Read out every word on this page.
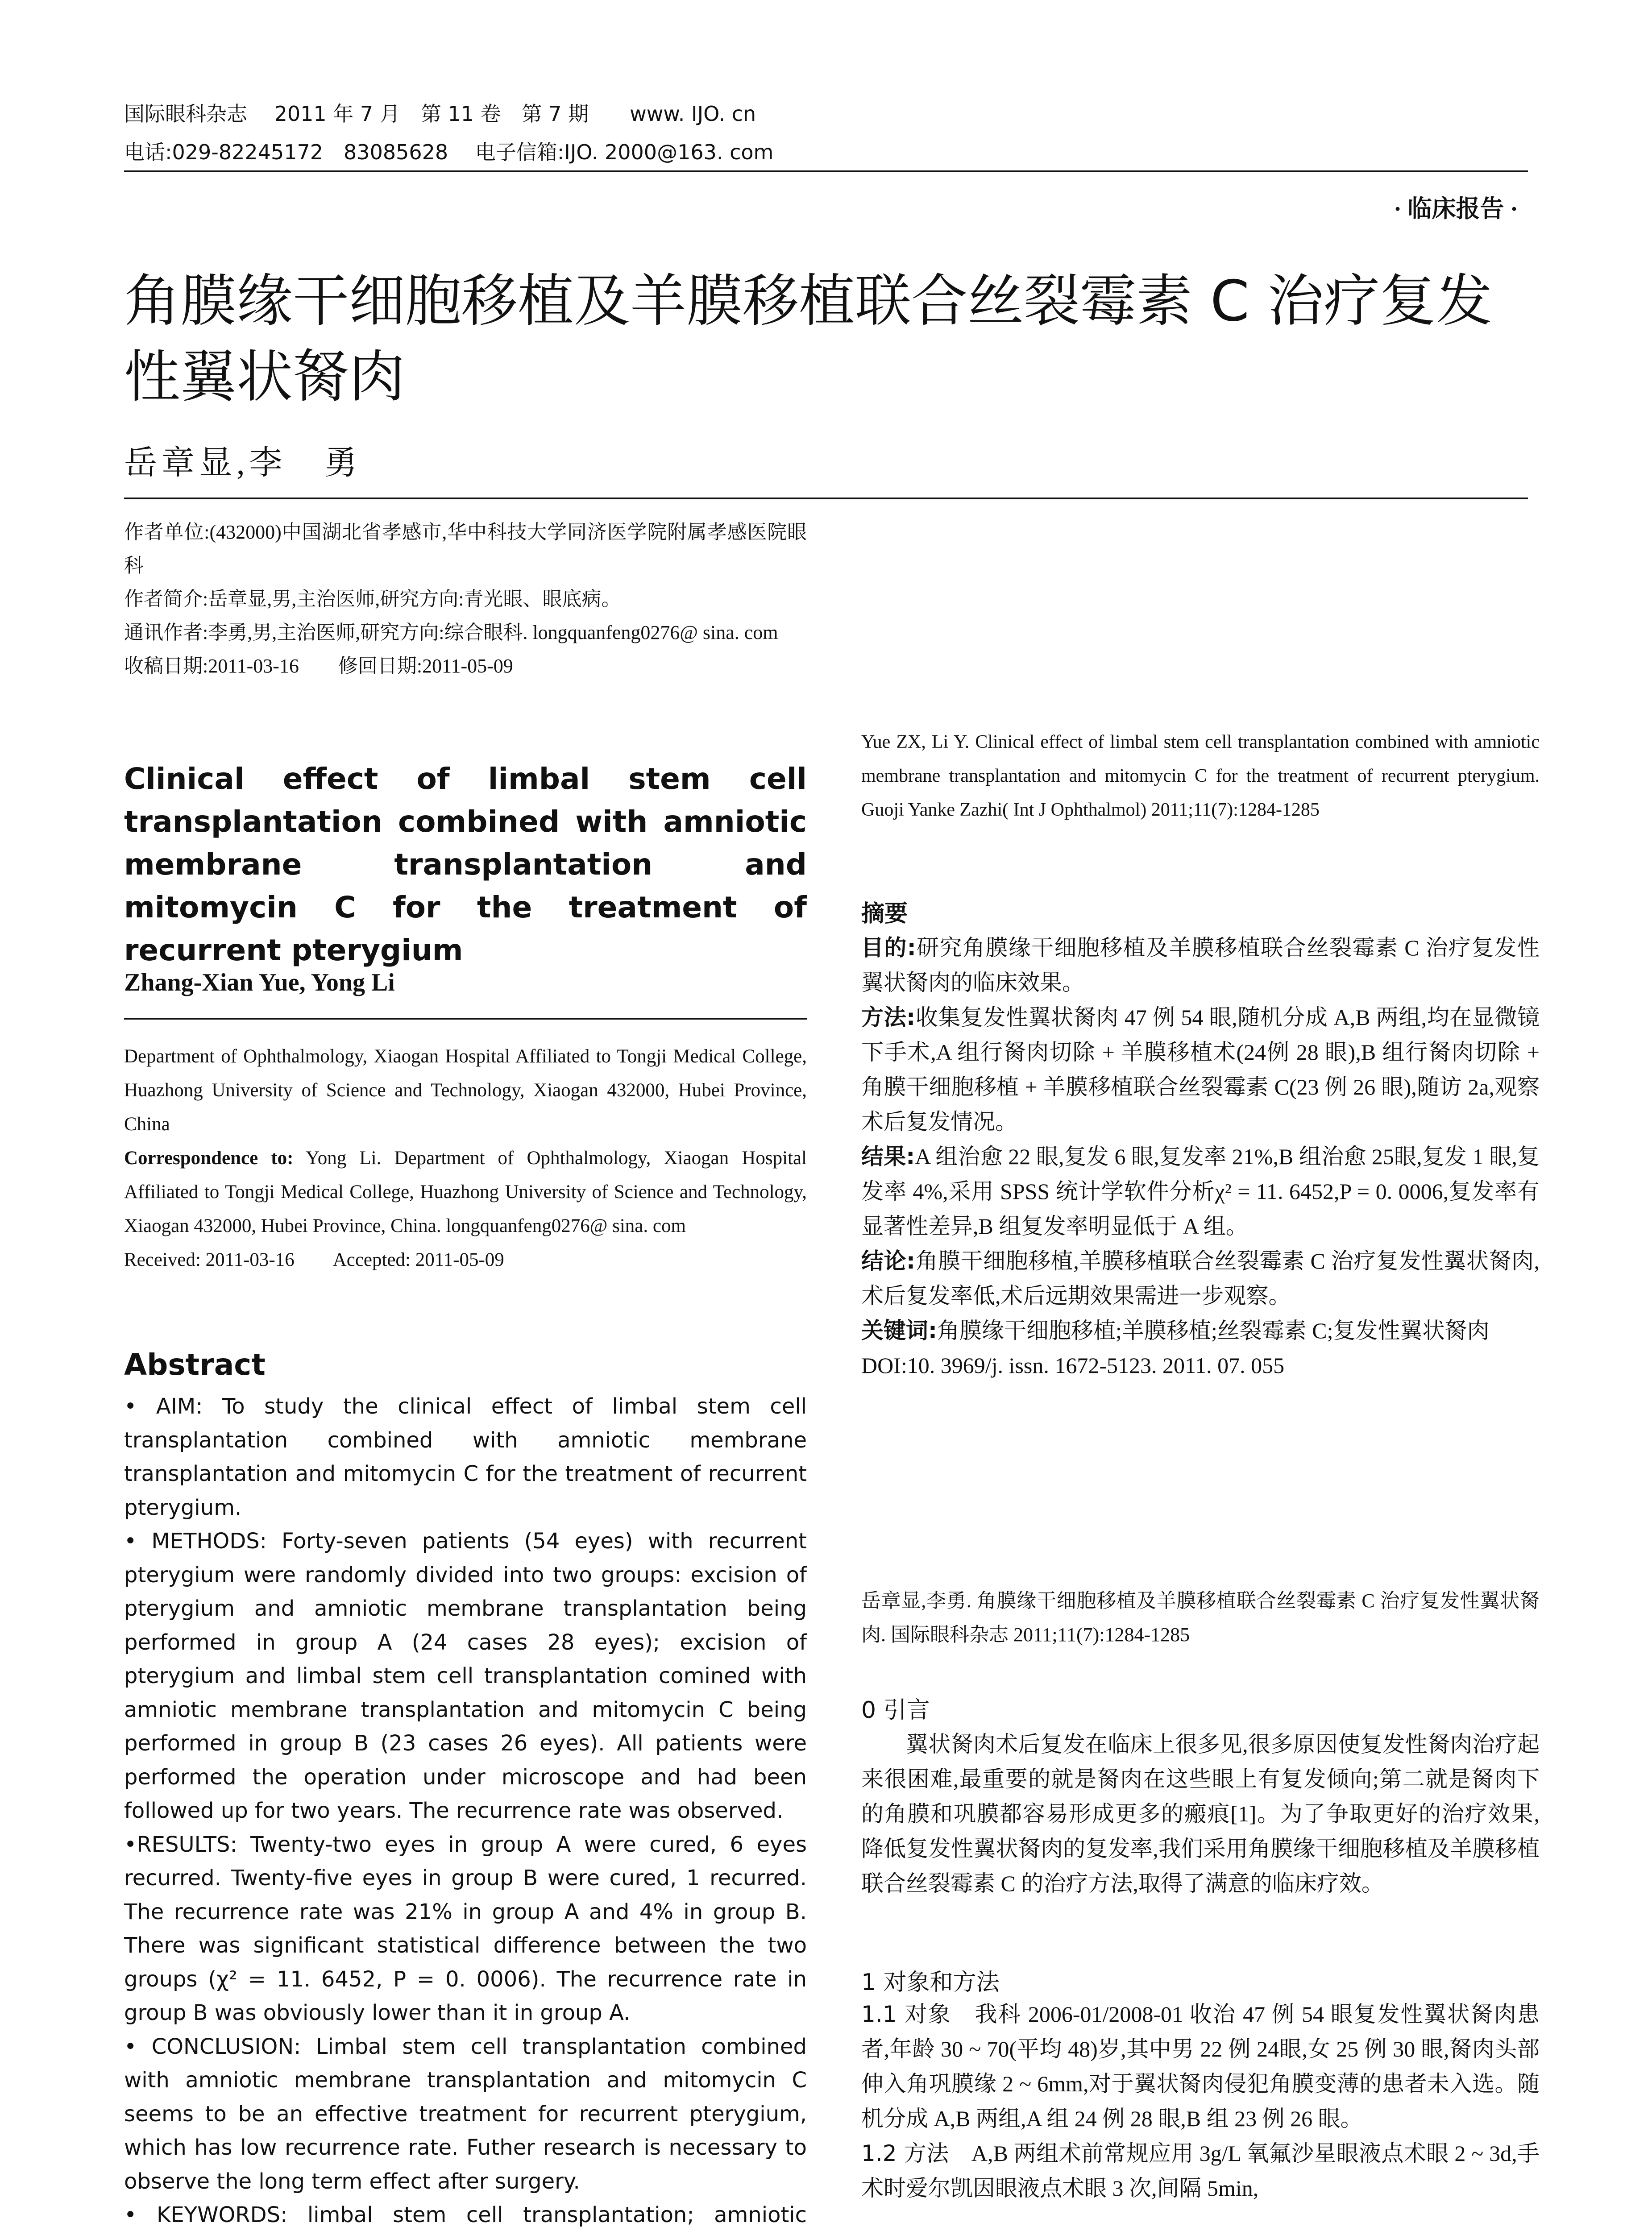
国际眼科杂志　 2011 年 7 月　第 11 卷　第 7 期　　www. IJO. cn
电话:029-82245172　83085628　 电子信箱:IJO. 2000@163. com
· 临床报告 ·
角膜缘干细胞移植及羊膜移植联合丝裂霉素 C 治疗复发性翼状胬肉
岳章显,李　勇

作者单位:(432000)中国湖北省孝感市,华中科技大学同济医学院附属孝感医院眼科

作者简介:岳章显,男,主治医师,研究方向:青光眼、眼底病。

通讯作者:李勇,男,主治医师,研究方向:综合眼科. longquanfeng0276@ sina. com

收稿日期:2011-03-16　　修回日期:2011-05-09

Clinical effect of limbal stem cell transplantation combined with amniotic membrane transplantation and mitomycin C for the treatment of recurrent pterygium
Zhang-Xian Yue, Yong Li

Department of Ophthalmology, Xiaogan Hospital Affiliated to Tongji Medical College, Huazhong University of Science and Technology, Xiaogan 432000, Hubei Province, China

Correspondence to: Yong Li. Department of Ophthalmology, Xiaogan Hospital Affiliated to Tongji Medical College, Huazhong University of Science and Technology, Xiaogan 432000, Hubei Province, China. longquanfeng0276@ sina. com

Received: 2011-03-16　　Accepted: 2011-05-09

Abstract

• AIM: To study the clinical effect of limbal stem cell transplantation combined with amniotic membrane transplantation and mitomycin C for the treatment of recurrent pterygium.

• METHODS: Forty-seven patients (54 eyes) with recurrent pterygium were randomly divided into two groups: excision of pterygium and amniotic membrane transplantation being performed in group A (24 cases 28 eyes); excision of pterygium and limbal stem cell transplantation comined with amniotic membrane transplantation and mitomycin C being performed in group B (23 cases 26 eyes). All patients were performed the operation under microscope and had been followed up for two years. The recurrence rate was observed.

•RESULTS: Twenty-two eyes in group A were cured, 6 eyes recurred. Twenty-five eyes in group B were cured, 1 recurred. The recurrence rate was 21% in group A and 4% in group B. There was significant statistical difference between the two groups (χ² = 11. 6452, P = 0. 0006). The recurrence rate in group B was obviously lower than it in group A.

• CONCLUSION: Limbal stem cell transplantation combined with amniotic membrane transplantation and mitomycin C seems to be an effective treatment for recurrent pterygium, which has low recurrence rate. Futher research is necessary to observe the long term effect after surgery.

• KEYWORDS: limbal stem cell transplantation; amniotic

Yue ZX, Li Y. Clinical effect of limbal stem cell transplantation combined with amniotic membrane transplantation and mitomycin C for the treatment of recurrent pterygium. Guoji Yanke Zazhi( Int J Ophthalmol) 2011;11(7):1284-1285
摘要

目的:研究角膜缘干细胞移植及羊膜移植联合丝裂霉素 C 治疗复发性翼状胬肉的临床效果。

方法:收集复发性翼状胬肉 47 例 54 眼,随机分成 A,B 两组,均在显微镜下手术,A 组行胬肉切除 + 羊膜移植术(24例 28 眼),B 组行胬肉切除 + 角膜干细胞移植 + 羊膜移植联合丝裂霉素 C(23 例 26 眼),随访 2a,观察术后复发情况。

结果:A 组治愈 22 眼,复发 6 眼,复发率 21%,B 组治愈 25眼,复发 1 眼,复发率 4%,采用 SPSS 统计学软件分析χ² = 11. 6452,P = 0. 0006,复发率有显著性差异,B 组复发率明显低于 A 组。

结论:角膜干细胞移植,羊膜移植联合丝裂霉素 C 治疗复发性翼状胬肉,术后复发率低,术后远期效果需进一步观察。

关键词:角膜缘干细胞移植;羊膜移植;丝裂霉素 C;复发性翼状胬肉

DOI:10. 3969/j. issn. 1672-5123. 2011. 07. 055

岳章显,李勇. 角膜缘干细胞移植及羊膜移植联合丝裂霉素 C 治疗复发性翼状胬肉. 国际眼科杂志 2011;11(7):1284-1285
0 引言
翼状胬肉术后复发在临床上很多见,很多原因使复发性胬肉治疗起来很困难,最重要的就是胬肉在这些眼上有复发倾向;第二就是胬肉下的角膜和巩膜都容易形成更多的瘢痕[1]。为了争取更好的治疗效果,降低复发性翼状胬肉的复发率,我们采用角膜缘干细胞移植及羊膜移植联合丝裂霉素 C 的治疗方法,取得了满意的临床疗效。
1 对象和方法

1.1 对象　我科 2006-01/2008-01 收治 47 例 54 眼复发性翼状胬肉患者,年龄 30 ~ 70(平均 48)岁,其中男 22 例 24眼,女 25 例 30 眼,胬肉头部伸入角巩膜缘 2 ~ 6mm,对于翼状胬肉侵犯角膜变薄的患者未入选。随机分成 A,B 两组,A 组 24 例 28 眼,B 组 23 例 26 眼。

1.2 方法　A,B 两组术前常规应用 3g/L 氧氟沙星眼液点术眼 2 ~ 3d,手术时爱尔凯因眼液点术眼 3 次,间隔 5min,
